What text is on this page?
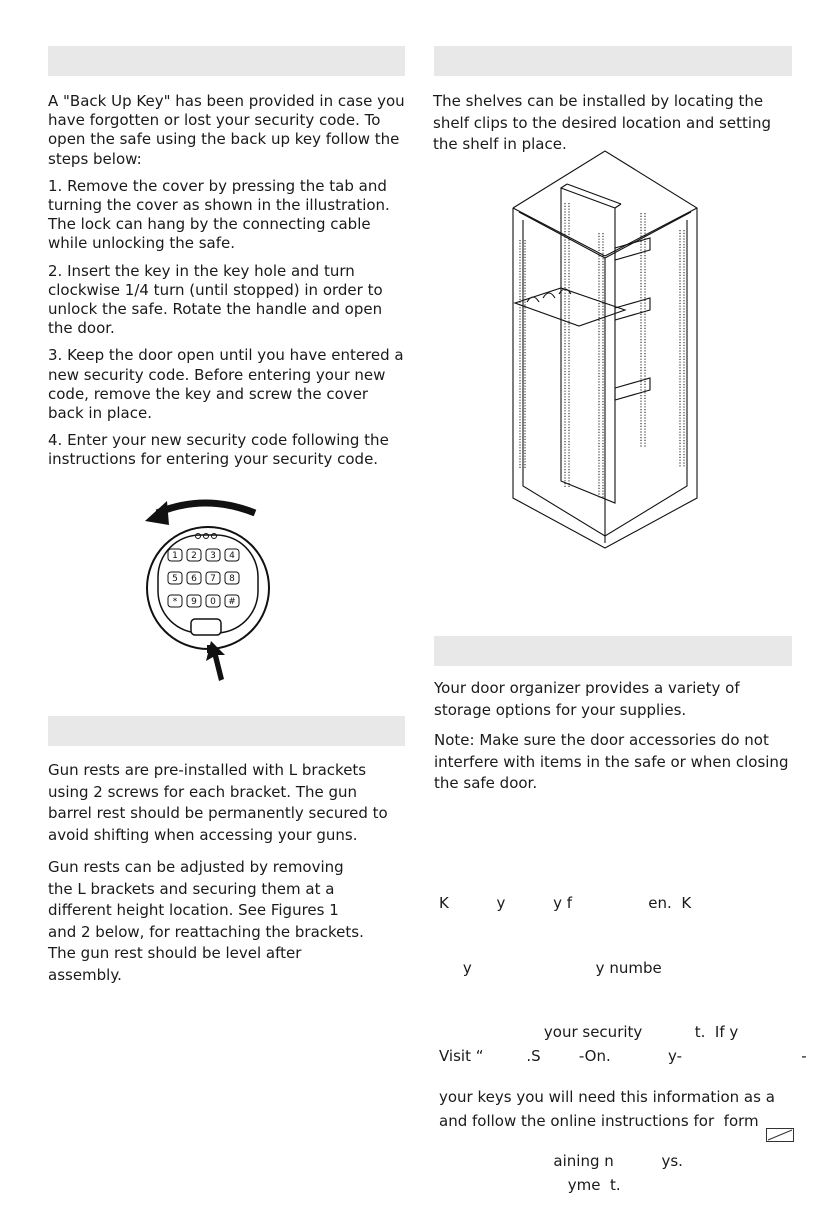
A "Back Up Key" has been provided in case you have forgotten or lost your security code. To open the safe using the back up key follow the steps below:

1. Remove the cover by pressing the tab and turning the cover as shown in the illustration. The lock can hang by the connecting cable while unlocking the safe.

2. Insert the key in the key hole and turn clockwise 1/4 turn (until stopped) in order to unlock the safe. Rotate the handle and open the door.

3. Keep the door open until you have entered a new security code. Before entering your new code, remove the key and screw the cover back in place.

4. Enter your new security code following the instructions for entering your security code.

1 2 3 4
5 6 7 8
* 9 0 #

Gun rests are pre-installed with L brackets using 2 screws for each bracket. The gun barrel rest should be permanently secured to avoid shifting when accessing your guns.

Gun rests can be adjusted by removing the L brackets and securing them at a different height location. See Figures 1 and 2 below, for reattaching the brackets. The gun rest should be level after assembly.

The shelves can be installed by locating the shelf clips to the desired location and setting the shelf in place.

Your door organizer provides a variety of storage options for your supplies.

Note: Make sure the door accessories do not interfere with items in the safe or when closing the safe door.

K          y          y f                en.  K

y                          y numbe

your security           t.  If y

your keys you will need this information as a

aining n          ys.

Visit “         .S        -On.            y-                         -

and follow the online instructions for  form

yme  t.
